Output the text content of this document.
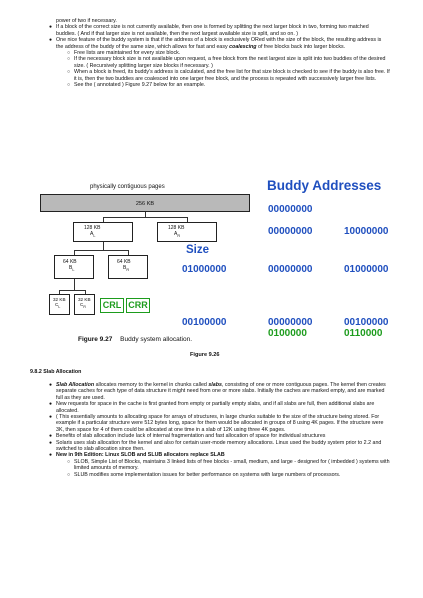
power of two if necessary.
● If a block of the correct size is not currently available, then one is formed by splitting the next larger block in two, forming two matched buddies. ( And if that larger size is not available, then the next largest available size is split, and so on. )
● One nice feature of the buddy system is that if the address of a block is exclusively ORed with the size of the block, the resulting address is the address of the buddy of the same size, which allows for fast and easy coalescing of free blocks back into larger blocks.
○ Free lists are maintained for every size block.
○ If the necessary block size is not available upon request, a free block from the next largest size is split into two buddies of the desired size. ( Recursively splitting larger size blocks if necessary. )
○ When a block is freed, its buddy's address is calculated, and the free list for that size block is checked to see if the buddy is also free. If it is, then the two buddies are coalesced into one larger free block, and the process is repeated with successively larger free lists.
○ See the ( annotated ) Figure 9.27 below for an example.
physically contiguous pages	Buddy Addresses
256 KB	00000000
128 KB
$A_L$
128 KB
$A_R$	00000000	10000000
Size
64 KB
$B_L$
64 KB
$B_R$	01000000	00000000	01000000
32 KB
$C_L$
32 KB
$C_R$	CRL CRR
00100000	00000000	00100000
0100000	0110000
Figure 9.27 Buddy system allocation.
Figure 9.26
9.8.2 Slab Allocation
● Slab Allocation allocates memory to the kernel in chunks called slabs, consisting of one or more contiguous pages. The kernel then creates separate caches for each type of data structure it might need from one or more slabs. Initially the caches are marked empty, and are marked full as they are used.
● New requests for space in the cache is first granted from empty or partially empty slabs, and if all slabs are full, then additional slabs are allocated.
● ( This essentially amounts to allocating space for arrays of structures, in large chunks suitable to the size of the structure being stored. For example if a particular structure were 512 bytes long, space for them would be allocated in groups of 8 using 4K pages. If the structure were 3K, then space for 4 of them could be allocated at one time in a slab of 12K using three 4K pages.
● Benefits of slab allocation include lack of internal fragmentation and fast allocation of space for individual structures
● Solaris uses slab allocation for the kernel and also for certain user-mode memory allocations. Linux used the buddy system prior to 2.2 and switched to slab allocation since then.
● New in 9th Edition: Linux SLOB and SLUB allocators replace SLAB
○ SLOB, Simple List of Blocks, maintains 3 linked lists of free blocks - small, medium, and large - designed for ( imbedded ) systems with limited amounts of memory.
○ SLUB modifies some implementation issues for better performance on systems with large numbers of processors.
